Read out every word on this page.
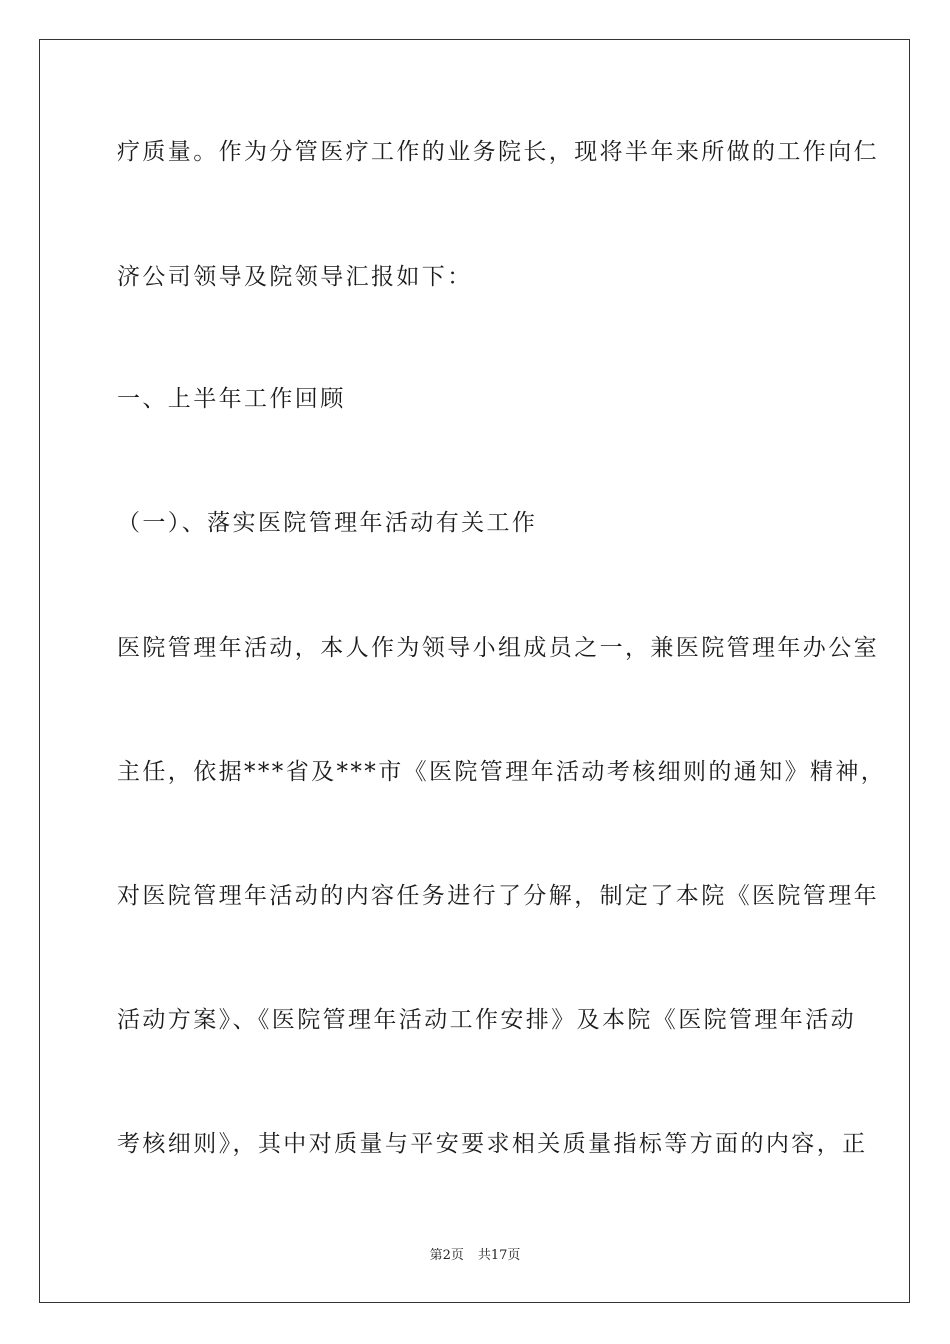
疗质量。作为分管医疗工作的业务院长，现将半年来所做的工作向仁
济公司领导及院领导汇报如下：
一、上半年工作回顾
（一）、落实医院管理年活动有关工作
医院管理年活动，本人作为领导小组成员之一，兼医院管理年办公室
主任，依据***省及***市《医院管理年活动考核细则的通知》精神，
对医院管理年活动的内容任务进行了分解，制定了本院《医院管理年
活动方案》、《医院管理年活动工作安排》及本院《医院管理年活动
考核细则》，其中对质量与平安要求相关质量指标等方面的内容，正
第2页 共17页
